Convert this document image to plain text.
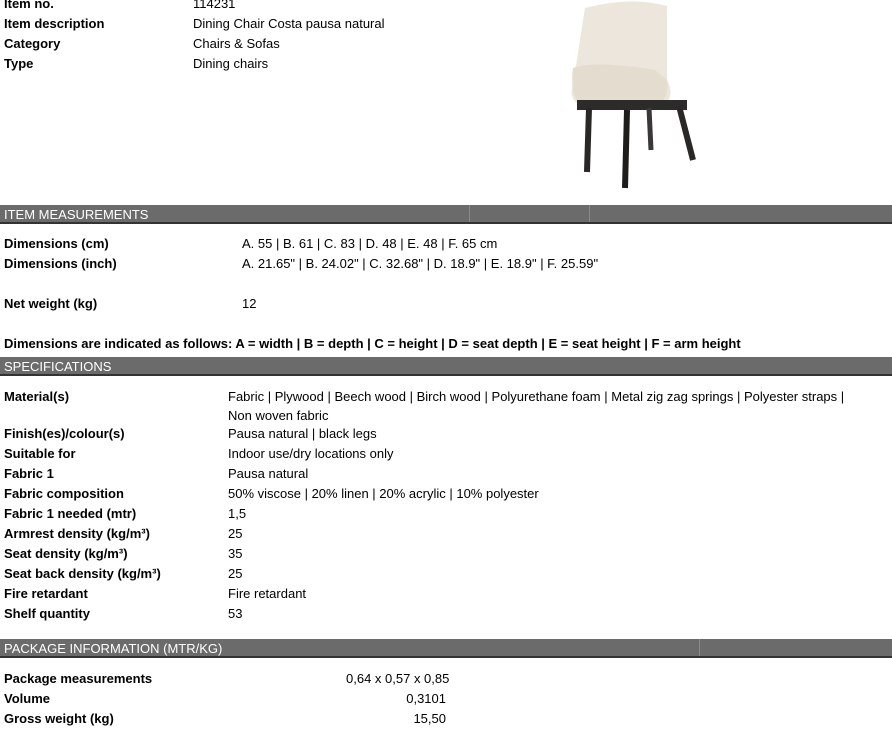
Item no.	114231
Item description	Dining Chair Costa pausa natural
Category	Chairs & Sofas
Type	Dining chairs
ITEM MEASUREMENTS
Dimensions (cm)	A. 55 | B. 61 | C. 83 | D. 48 | E. 48 | F. 65 cm
Dimensions (inch)	A. 21.65" | B. 24.02" | C. 32.68" | D. 18.9" | E. 18.9" | F. 25.59"
Net weight (kg)	12
Dimensions are indicated as follows: A = width | B = depth | C = height | D = seat depth | E = seat height | F = arm height
SPECIFICATIONS
Material(s)	Fabric | Plywood | Beech wood | Birch wood | Polyurethane foam | Metal zig zag springs | Polyester straps |
Non woven fabric
Finish(es)/colour(s)	Pausa natural | black legs
Suitable for	Indoor use/dry locations only
Fabric 1	Pausa natural
Fabric composition	50% viscose | 20% linen | 20% acrylic | 10% polyester
Fabric 1 needed (mtr)	1,5
Armrest density (kg/m³)	25
Seat density (kg/m³)	35
Seat back density (kg/m³)	25
Fire retardant	Fire retardant
Shelf quantity	53
PACKAGE INFORMATION (MTR/KG)
Package measurements	0,64 x 0,57 x 0,85
Volume	0,3101
Gross weight (kg)	15,50
